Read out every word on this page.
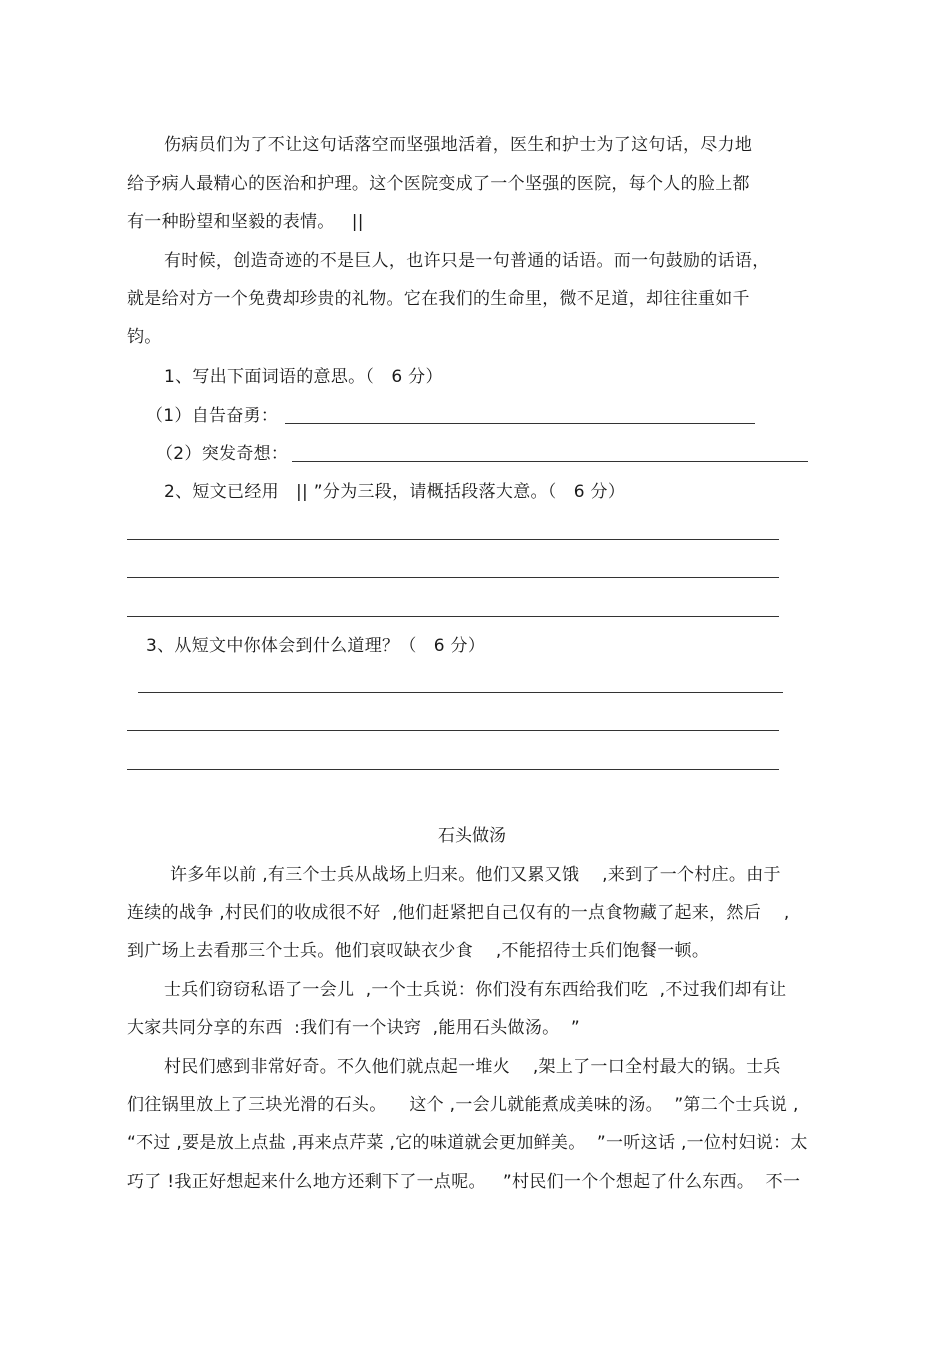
伤病员们为了不让这句话落空而坚强地活着，医生和护士为了这句话，尽力地
给予病人最精心的医治和护理。这个医院变成了一个坚强的医院，每个人的脸上都
有一种盼望和坚毅的表情。   ||
有时候，创造奇迹的不是巨人，也许只是一句普通的话语。而一句鼓励的话语，
就是给对方一个免费却珍贵的礼物。它在我们的生命里，微不足道，却往往重如千
钧。
1、写出下面词语的意思。（   6 分）
（1）自告奋勇：
（2）突发奇想：
2、短文已经用   || ”分为三段，请概括段落大意。（   6 分）
3、从短文中你体会到什么道理？（   6 分）
石头做汤
许多年以前 ,有三个士兵从战场上归来。他们又累又饿    ,来到了一个村庄。由于
连续的战争 ,村民们的收成很不好  ,他们赶紧把自己仅有的一点食物藏了起来，然后    ,
到广场上去看那三个士兵。他们哀叹缺衣少食    ,不能招待士兵们饱餐一顿。
士兵们窃窃私语了一会儿  ,一个士兵说：你们没有东西给我们吃  ,不过我们却有让
大家共同分享的东西  :我们有一个诀窍  ,能用石头做汤。  ”
村民们感到非常好奇。不久他们就点起一堆火    ,架上了一口全村最大的锅。士兵
们往锅里放上了三块光滑的石头。    这个 ,一会儿就能煮成美味的汤。  ”第二个士兵说 ,
“不过 ,要是放上点盐 ,再来点芹菜 ,它的味道就会更加鲜美。  ”一听这话 ,一位村妇说：太
巧了 !我正好想起来什么地方还剩下了一点呢。   ”村民们一个个想起了什么东西。  不一
